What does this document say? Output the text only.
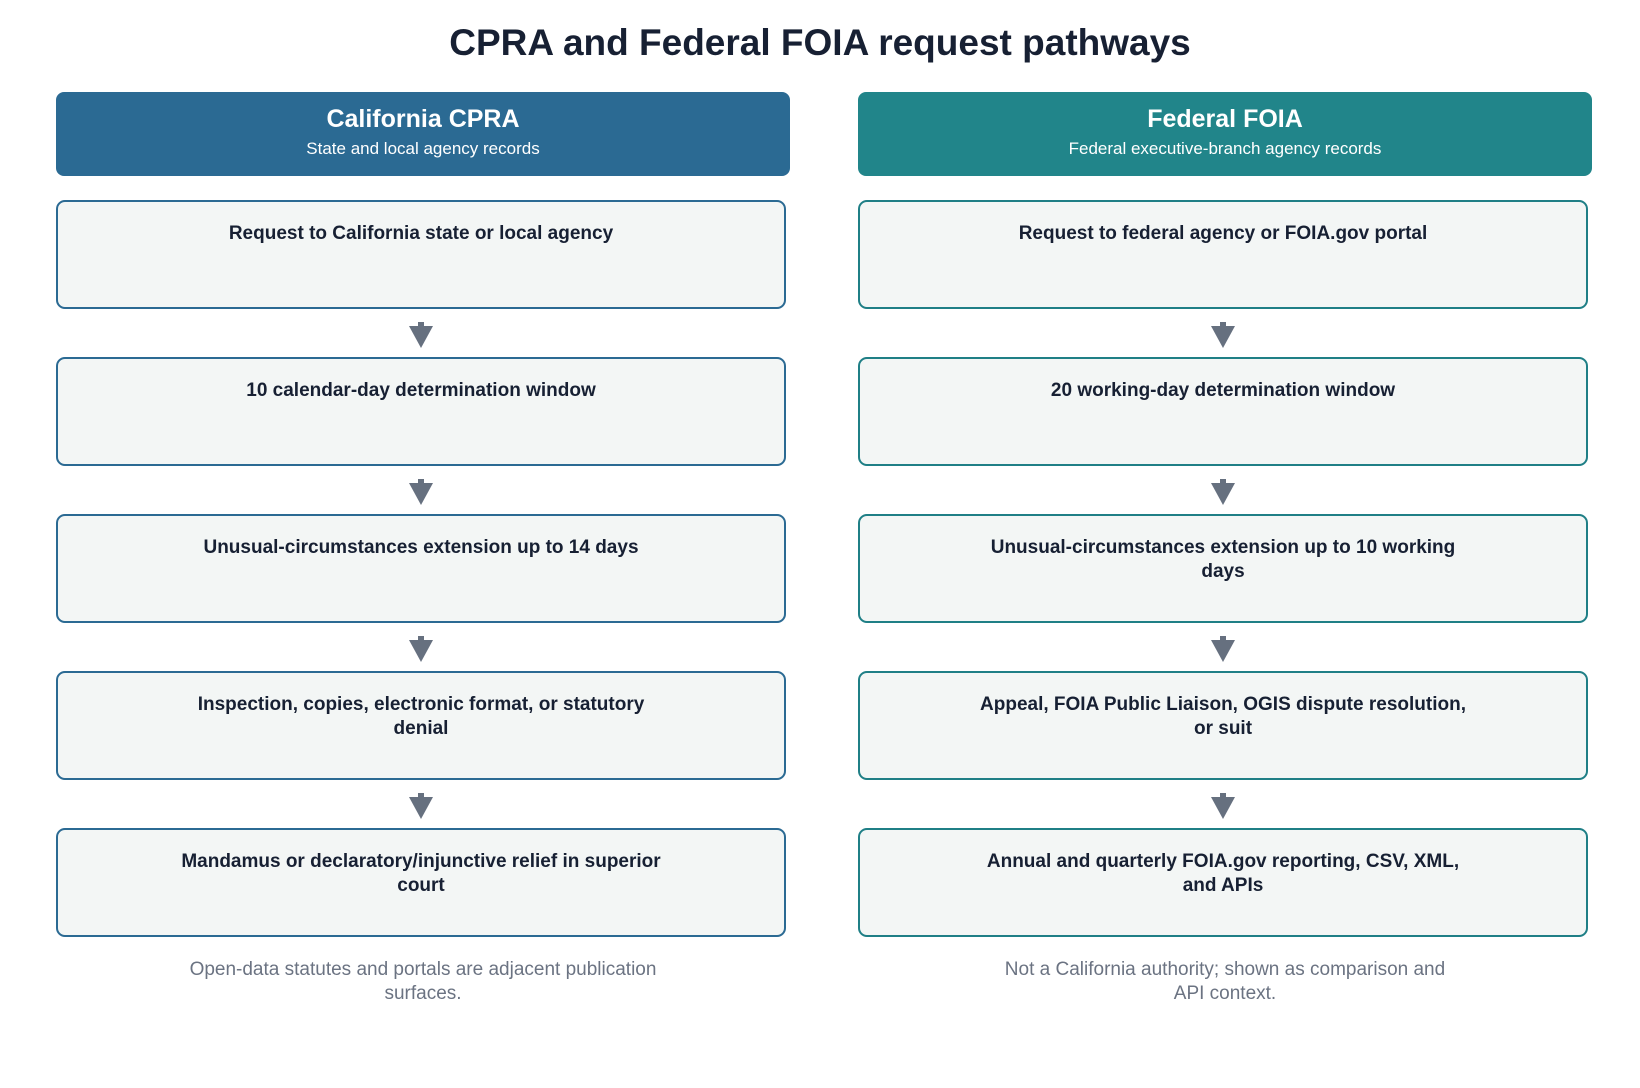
CPRA and Federal FOIA request pathways
California CPRA
State and local agency records
Request to California state or local agency
10 calendar-day determination window
Unusual-circumstances extension up to 14 days
Inspection, copies, electronic format, or statutory denial
Mandamus or declaratory/injunctive relief in superior court
Open-data statutes and portals are adjacent publication surfaces.
Federal FOIA
Federal executive-branch agency records
Request to federal agency or FOIA.gov portal
20 working-day determination window
Unusual-circumstances extension up to 10 working days
Appeal, FOIA Public Liaison, OGIS dispute resolution, or suit
Annual and quarterly FOIA.gov reporting, CSV, XML, and APIs
Not a California authority; shown as comparison and API context.
